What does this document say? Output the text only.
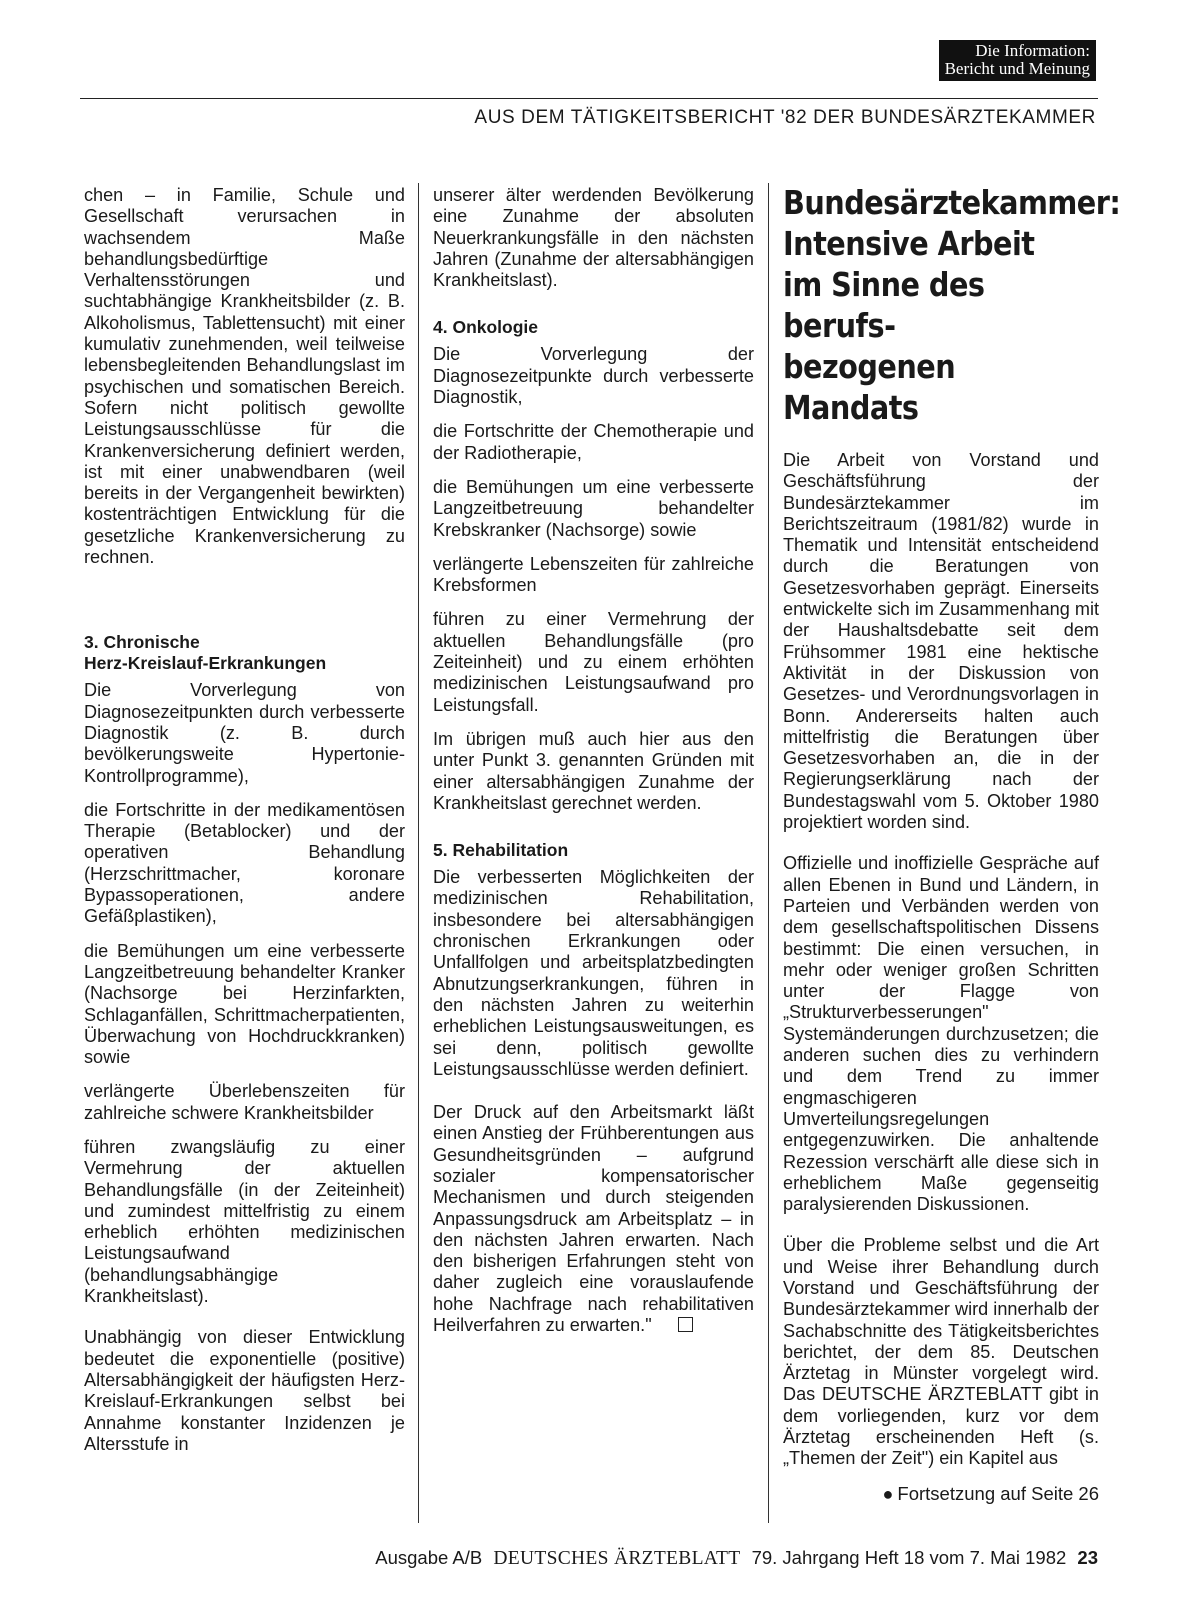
Die Information:
Bericht und Meinung
AUS DEM TÄTIGKEITSBERICHT '82 DER BUNDESÄRZTEKAMMER

chen – in Familie, Schule und Gesellschaft verursachen in wachsendem Maße behandlungsbedürftige Verhaltensstörungen und suchtabhängige Krankheitsbilder (z. B. Alkoholismus, Tablettensucht) mit einer kumulativ zunehmenden, weil teilweise lebensbegleitenden Behandlungslast im psychischen und somatischen Bereich. Sofern nicht politisch gewollte Leistungsausschlüsse für die Krankenversicherung definiert werden, ist mit einer unabwendbaren (weil bereits in der Vergangenheit bewirkten) kostenträchtigen Entwicklung für die gesetzliche Krankenversicherung zu rechnen.

3. Chronische
Herz-Kreislauf-Erkrankungen

Die Vorverlegung von Diagnosezeitpunkten durch verbesserte Diagnostik (z. B. durch bevölkerungsweite Hypertonie-Kontrollprogramme),

die Fortschritte in der medikamentösen Therapie (Betablocker) und der operativen Behandlung (Herzschrittmacher, koronare Bypassoperationen, andere Gefäßplastiken),

die Bemühungen um eine verbesserte Langzeitbetreuung behandelter Kranker (Nachsorge bei Herzinfarkten, Schlaganfällen, Schrittmacherpatienten, Überwachung von Hochdruckkranken) sowie

verlängerte Überlebenszeiten für zahlreiche schwere Krankheitsbilder

führen zwangsläufig zu einer Vermehrung der aktuellen Behandlungsfälle (in der Zeiteinheit) und zumindest mittelfristig zu einem erheblich erhöhten medizinischen Leistungsaufwand (behandlungsabhängige Krankheitslast).

Unabhängig von dieser Entwicklung bedeutet die exponentielle (positive) Altersabhängigkeit der häufigsten Herz-Kreislauf-Erkrankungen selbst bei Annahme konstanter Inzidenzen je Altersstufe in

unserer älter werdenden Bevölkerung eine Zunahme der absoluten Neuerkrankungsfälle in den nächsten Jahren (Zunahme der altersabhängigen Krankheitslast).

4. Onkologie

Die Vorverlegung der Diagnosezeitpunkte durch verbesserte Diagnostik,

die Fortschritte der Chemotherapie und der Radiotherapie,

die Bemühungen um eine verbesserte Langzeitbetreuung behandelter Krebskranker (Nachsorge) sowie

verlängerte Lebenszeiten für zahlreiche Krebsformen

führen zu einer Vermehrung der aktuellen Behandlungsfälle (pro Zeiteinheit) und zu einem erhöhten medizinischen Leistungsaufwand pro Leistungsfall.

Im übrigen muß auch hier aus den unter Punkt 3. genannten Gründen mit einer altersabhängigen Zunahme der Krankheitslast gerechnet werden.

5. Rehabilitation

Die verbesserten Möglichkeiten der medizinischen Rehabilitation, insbesondere bei altersabhängigen chronischen Erkrankungen oder Unfallfolgen und arbeitsplatzbedingten Abnutzungserkrankungen, führen in den nächsten Jahren zu weiterhin erheblichen Leistungsausweitungen, es sei denn, politisch gewollte Leistungsausschlüsse werden definiert.

Der Druck auf den Arbeitsmarkt läßt einen Anstieg der Frühberentungen aus Gesundheitsgründen – aufgrund sozialer kompensatorischer Mechanismen und durch steigenden Anpassungsdruck am Arbeitsplatz – in den nächsten Jahren erwarten. Nach den bisherigen Erfahrungen steht von daher zugleich eine vorauslaufende hohe Nachfrage nach rehabilitativen Heilverfahren zu erwarten."

Bundesärztekammer:
Intensive Arbeit
im Sinne des berufs-
bezogenen Mandats

Die Arbeit von Vorstand und Geschäftsführung der Bundesärztekammer im Berichtszeitraum (1981/82) wurde in Thematik und Intensität entscheidend durch die Beratungen von Gesetzesvorhaben geprägt. Einerseits entwickelte sich im Zusammenhang mit der Haushaltsdebatte seit dem Frühsommer 1981 eine hektische Aktivität in der Diskussion von Gesetzes- und Verordnungsvorlagen in Bonn. Andererseits halten auch mittelfristig die Beratungen über Gesetzesvorhaben an, die in der Regierungserklärung nach der Bundestagswahl vom 5. Oktober 1980 projektiert worden sind.

Offizielle und inoffizielle Gespräche auf allen Ebenen in Bund und Ländern, in Parteien und Verbänden werden von dem gesellschaftspolitischen Dissens bestimmt: Die einen versuchen, in mehr oder weniger großen Schritten unter der Flagge von „Strukturverbesserungen" Systemänderungen durchzusetzen; die anderen suchen dies zu verhindern und dem Trend zu immer engmaschigeren Umverteilungsregelungen entgegenzuwirken. Die anhaltende Rezession verschärft alle diese sich in erheblichem Maße gegenseitig paralysierenden Diskussionen.

Über die Probleme selbst und die Art und Weise ihrer Behandlung durch Vorstand und Geschäftsführung der Bundesärztekammer wird innerhalb der Sachabschnitte des Tätigkeitsberichtes berichtet, der dem 85. Deutschen Ärztetag in Münster vorgelegt wird. Das DEUTSCHE ÄRZTEBLATT gibt in dem vorliegenden, kurz vor dem Ärztetag erscheinenden Heft (s. „Themen der Zeit") ein Kapitel aus

● Fortsetzung auf Seite 26
Ausgabe A/B DEUTSCHES ÄRZTEBLATT 79. Jahrgang Heft 18 vom 7. Mai 1982 23
